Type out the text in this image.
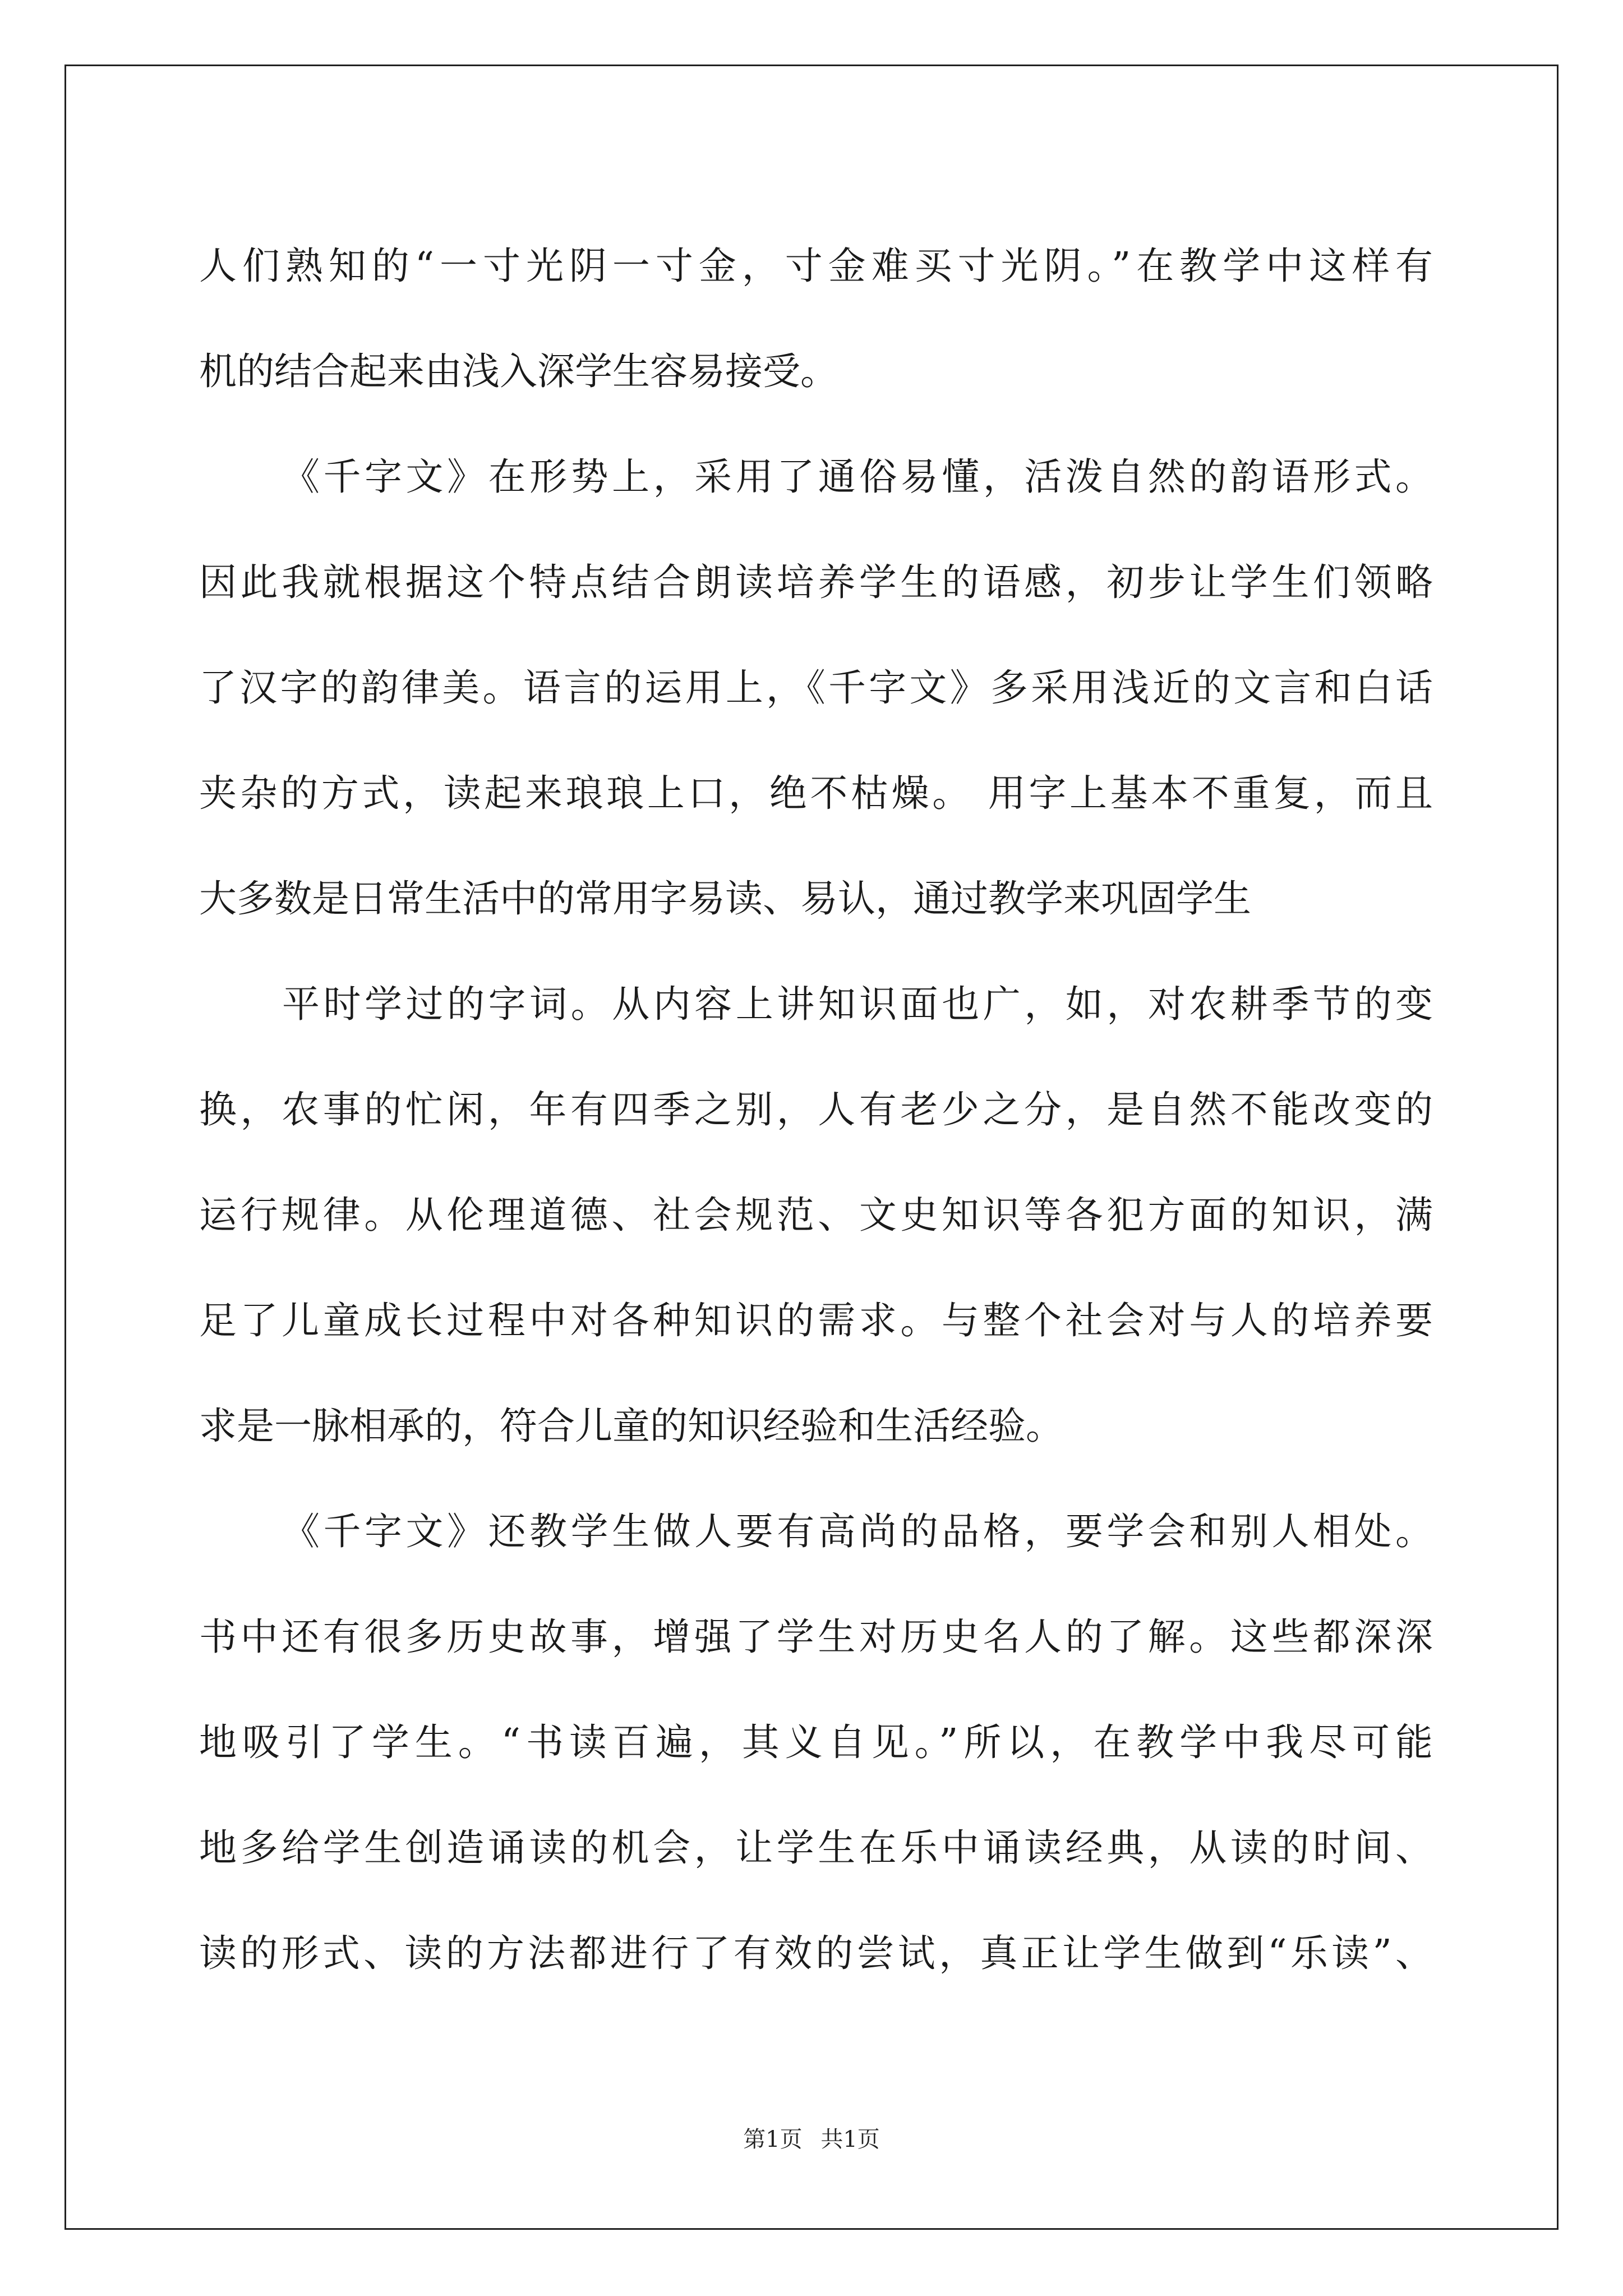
人们熟知的“一寸光阴一寸金，寸金难买寸光阴。”在教学中这样有
机的结合起来由浅入深学生容易接受。
《千字文》在形势上，采用了通俗易懂，活泼自然的韵语形式。
因此我就根据这个特点结合朗读培养学生的语感，初步让学生们领略
了汉字的韵律美。语言的运用上，《千字文》多采用浅近的文言和白话
夹杂的方式，读起来琅琅上口，绝不枯燥。 用字上基本不重复，而且
大多数是日常生活中的常用字易读、易认，通过教学来巩固学生
平时学过的字词。从内容上讲知识面也广，如，对农耕季节的变
换，农事的忙闲，年有四季之别，人有老少之分，是自然不能改变的
运行规律。从伦理道德、社会规范、文史知识等各犯方面的知识，满
足了儿童成长过程中对各种知识的需求。与整个社会对与人的培养要
求是一脉相承的，符合儿童的知识经验和生活经验。
《千字文》还教学生做人要有高尚的品格，要学会和别人相处。
书中还有很多历史故事，增强了学生对历史名人的了解。这些都深深
地吸引了学生。“书读百遍，其义自见。”所以，在教学中我尽可能
地多给学生创造诵读的机会，让学生在乐中诵读经典，从读的时间、
读的形式、读的方法都进行了有效的尝试，真正让学生做到“乐读”、
第1页 共1页
